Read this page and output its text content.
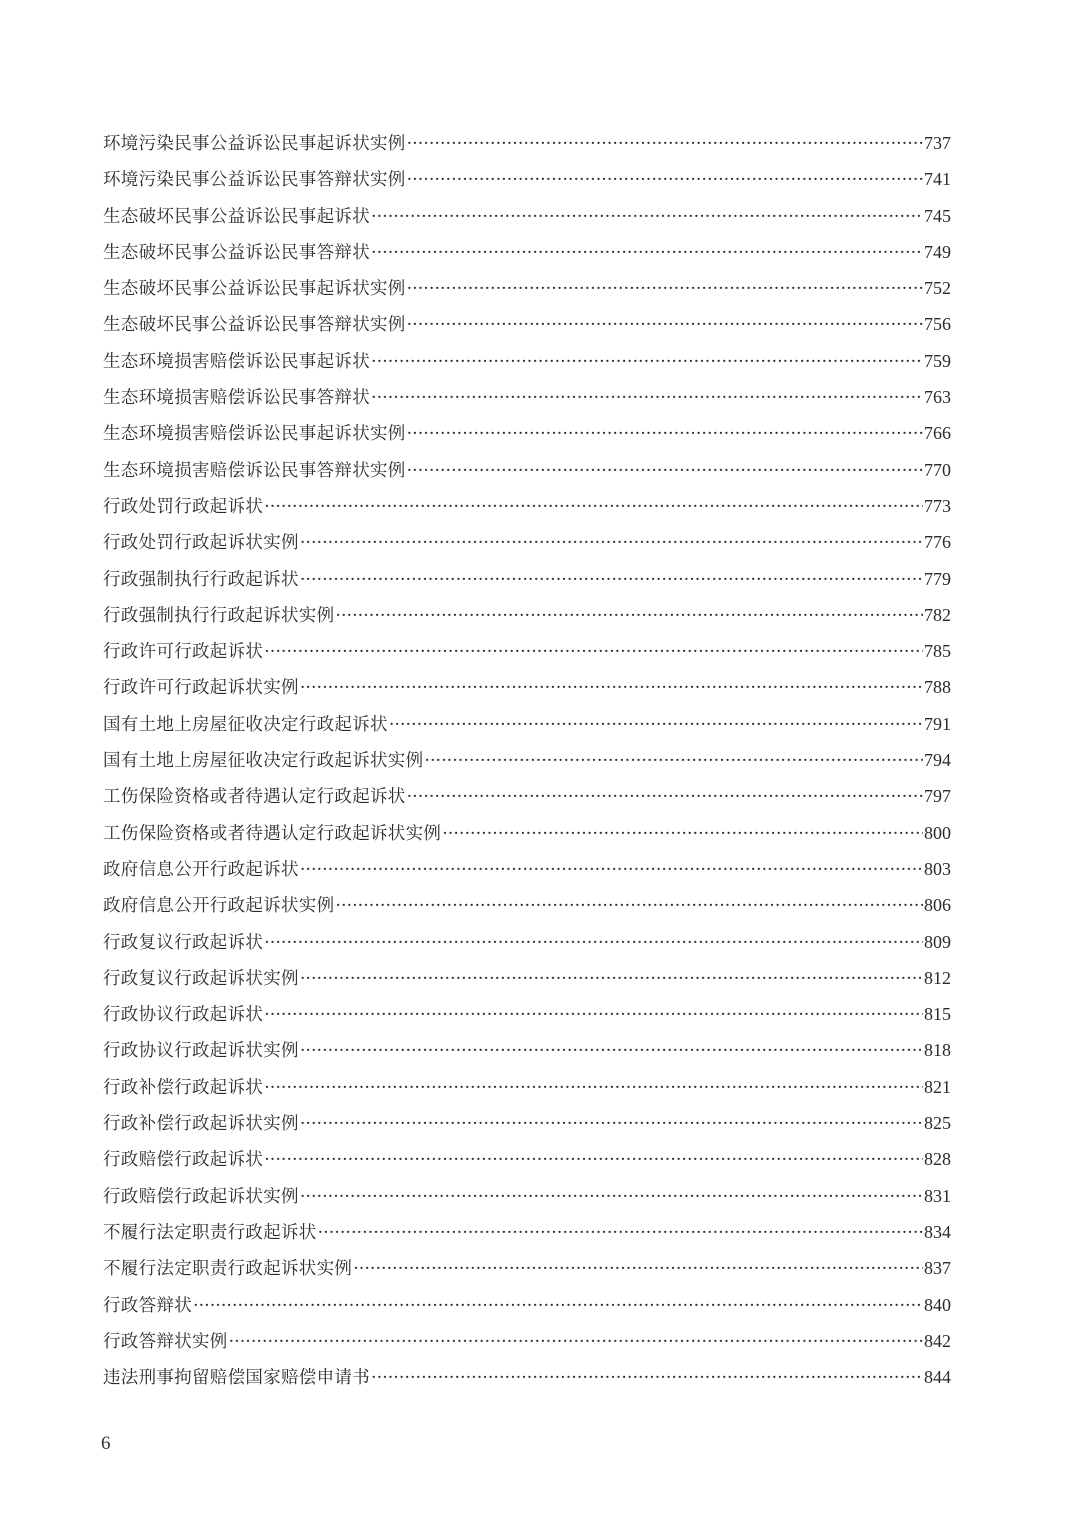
环境污染民事公益诉讼民事起诉状实例 ·····	737
环境污染民事公益诉讼民事答辩状实例 ·····	741
生态破坏民事公益诉讼民事起诉状 ·····	745
生态破坏民事公益诉讼民事答辩状 ·····	749
生态破坏民事公益诉讼民事起诉状实例 ·····	752
生态破坏民事公益诉讼民事答辩状实例 ·····	756
生态环境损害赔偿诉讼民事起诉状 ·····	759
生态环境损害赔偿诉讼民事答辩状 ·····	763
生态环境损害赔偿诉讼民事起诉状实例 ·····	766
生态环境损害赔偿诉讼民事答辩状实例 ·····	770
行政处罚行政起诉状 ·····	773
行政处罚行政起诉状实例 ·····	776
行政强制执行行政起诉状 ·····	779
行政强制执行行政起诉状实例 ·····	782
行政许可行政起诉状 ·····	785
行政许可行政起诉状实例 ·····	788
国有土地上房屋征收决定行政起诉状 ·····	791
国有土地上房屋征收决定行政起诉状实例 ·····	794
工伤保险资格或者待遇认定行政起诉状 ·····	797
工伤保险资格或者待遇认定行政起诉状实例 ·····	800
政府信息公开行政起诉状 ·····	803
政府信息公开行政起诉状实例 ·····	806
行政复议行政起诉状 ·····	809
行政复议行政起诉状实例 ·····	812
行政协议行政起诉状 ·····	815
行政协议行政起诉状实例 ·····	818
行政补偿行政起诉状 ·····	821
行政补偿行政起诉状实例 ·····	825
行政赔偿行政起诉状 ·····	828
行政赔偿行政起诉状实例 ·····	831
不履行法定职责行政起诉状 ·····	834
不履行法定职责行政起诉状实例 ·····	837
行政答辩状 ·····	840
行政答辩状实例 ·····	842
违法刑事拘留赔偿国家赔偿申请书 ·····	844
6
